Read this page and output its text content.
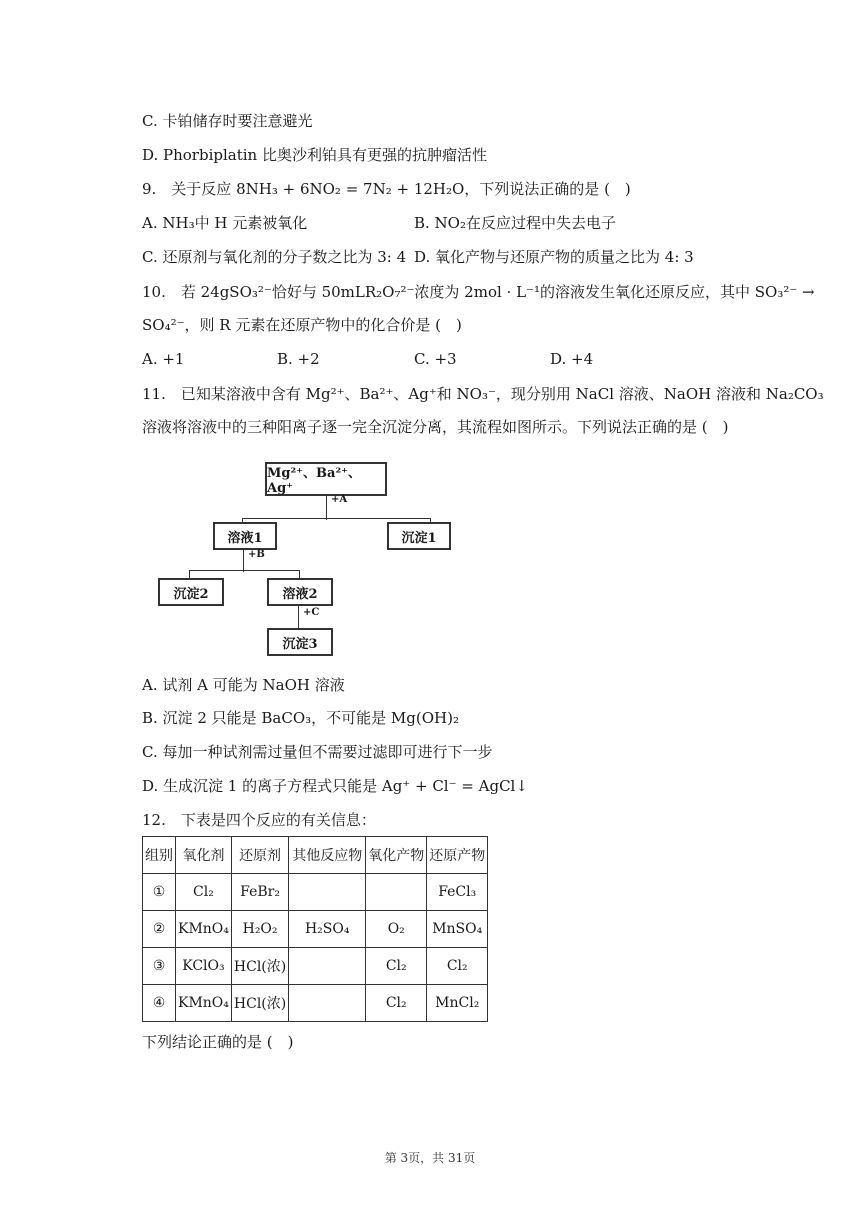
C. 卡铂储存时要注意避光
D. Phorbiplatin 比奥沙利铂具有更强的抗肿瘤活性
9.　关于反应 8NH₃ + 6NO₂ = 7N₂ + 12H₂O，下列说法正确的是 (　)
A. NH₃中 H 元素被氧化	B. NO₂在反应过程中失去电子
C. 还原剂与氧化剂的分子数之比为 3: 4 D. 氧化产物与还原产物的质量之比为 4: 3
10.　若 24gSO₃²⁻恰好与 50mLR₂O₇²⁻浓度为 2mol · L⁻¹的溶液发生氧化还原反应，其中 SO₃²⁻ →
SO₄²⁻，则 R 元素在还原产物中的化合价是 (　)
A. +1	B. +2	C. +3	D. +4
11.　已知某溶液中含有 Mg²⁺、Ba²⁺、Ag⁺和 NO₃⁻，现分别用 NaCl 溶液、NaOH 溶液和 Na₂CO₃
溶液将溶液中的三种阳离子逐一完全沉淀分离，其流程如图所示。下列说法正确的是 (　)
Mg²⁺、Ba²⁺、Ag⁺
+A
溶液1	沉淀1
+B
沉淀2	溶液2
+C
沉淀3
A. 试剂 A 可能为 NaOH 溶液
B. 沉淀 2 只能是 BaCO₃，不可能是 Mg(OH)₂
C. 每加一种试剂需过量但不需要过滤即可进行下一步
D. 生成沉淀 1 的离子方程式只能是 Ag⁺ + Cl⁻ = AgCl↓
12.　下表是四个反应的有关信息：
组别	氧化剂	还原剂	其他反应物	氧化产物	还原产物
①	Cl₂	FeBr₂			FeCl₃
②	KMnO₄	H₂O₂	H₂SO₄	O₂	MnSO₄
③	KClO₃	HCl(浓)		Cl₂	Cl₂
④	KMnO₄	HCl(浓)		Cl₂	MnCl₂
下列结论正确的是 (　)
第 3页，共 31页
